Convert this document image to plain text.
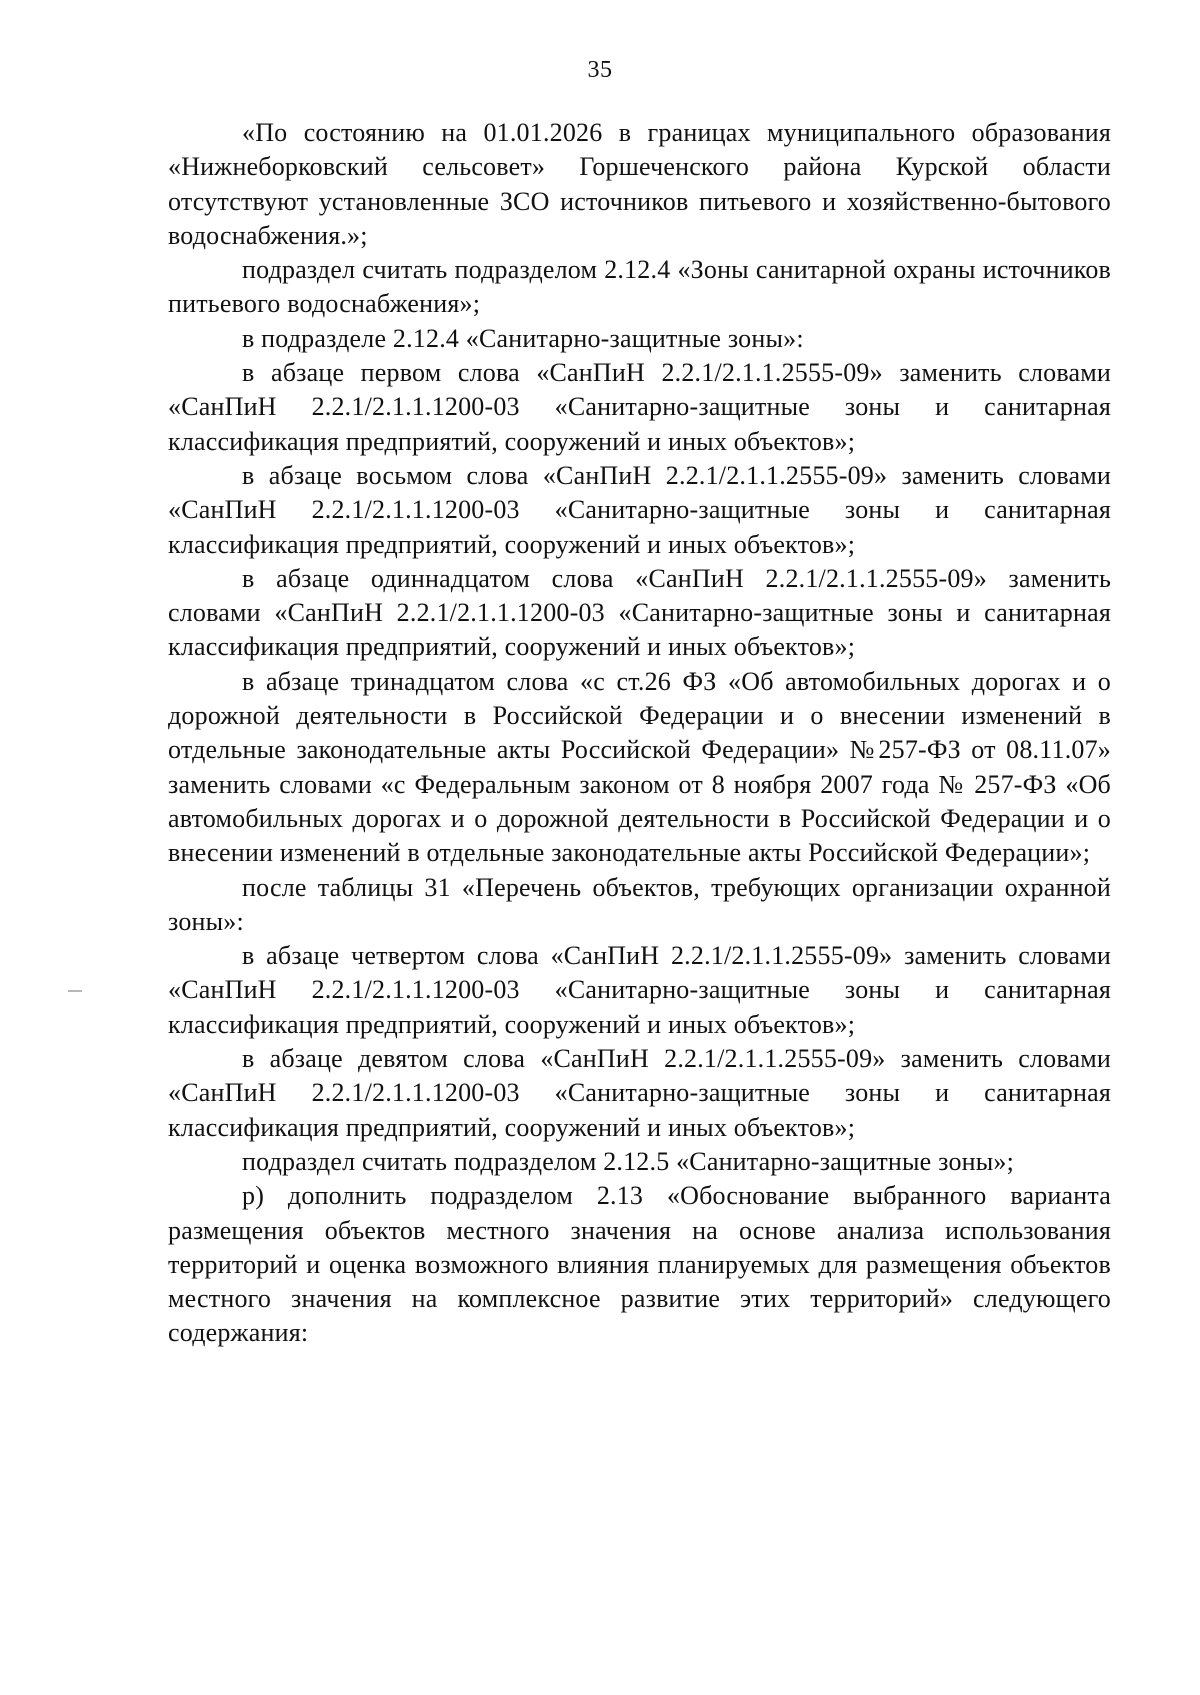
35

«По состоянию на 01.01.2026 в границах муниципального образования «Нижнеборковский сельсовет» Горшеченского района Курской области отсутствуют установленные ЗСО источников питьевого и хозяйственно-бытового водоснабжения.»;

подраздел считать подразделом 2.12.4 «Зоны санитарной охраны источников питьевого водоснабжения»;

в подразделе 2.12.4 «Санитарно-защитные зоны»:

в абзаце первом слова «СанПиН 2.2.1/2.1.1.2555-09» заменить словами «СанПиН 2.2.1/2.1.1.1200-03 «Санитарно-защитные зоны и санитарная классификация предприятий, сооружений и иных объектов»;

в абзаце восьмом слова «СанПиН 2.2.1/2.1.1.2555-09» заменить словами «СанПиН 2.2.1/2.1.1.1200-03 «Санитарно-защитные зоны и санитарная классификация предприятий, сооружений и иных объектов»;

в абзаце одиннадцатом слова «СанПиН 2.2.1/2.1.1.2555-09» заменить словами «СанПиН 2.2.1/2.1.1.1200-03 «Санитарно-защитные зоны и санитарная классификация предприятий, сооружений и иных объектов»;

в абзаце тринадцатом слова «с ст.26 ФЗ «Об автомобильных дорогах и о дорожной деятельности в Российской Федерации и о внесении изменений в отдельные законодательные акты Российской Федерации» №257-ФЗ от 08.11.07» заменить словами «с Федеральным законом от 8 ноября 2007 года № 257-ФЗ «Об автомобильных дорогах и о дорожной деятельности в Российской Федерации и о внесении изменений в отдельные законодательные акты Российской Федерации»;

после таблицы 31 «Перечень объектов, требующих организации охранной зоны»:

в абзаце четвертом слова «СанПиН 2.2.1/2.1.1.2555-09» заменить словами «СанПиН 2.2.1/2.1.1.1200-03 «Санитарно-защитные зоны и санитарная классификация предприятий, сооружений и иных объектов»;

в абзаце девятом слова «СанПиН 2.2.1/2.1.1.2555-09» заменить словами «СанПиН 2.2.1/2.1.1.1200-03 «Санитарно-защитные зоны и санитарная классификация предприятий, сооружений и иных объектов»;

подраздел считать подразделом 2.12.5 «Санитарно-защитные зоны»;

р) дополнить подразделом 2.13 «Обоснование выбранного варианта размещения объектов местного значения на основе анализа использования территорий и оценка возможного влияния планируемых для размещения объектов местного значения на комплексное развитие этих территорий» следующего содержания:
